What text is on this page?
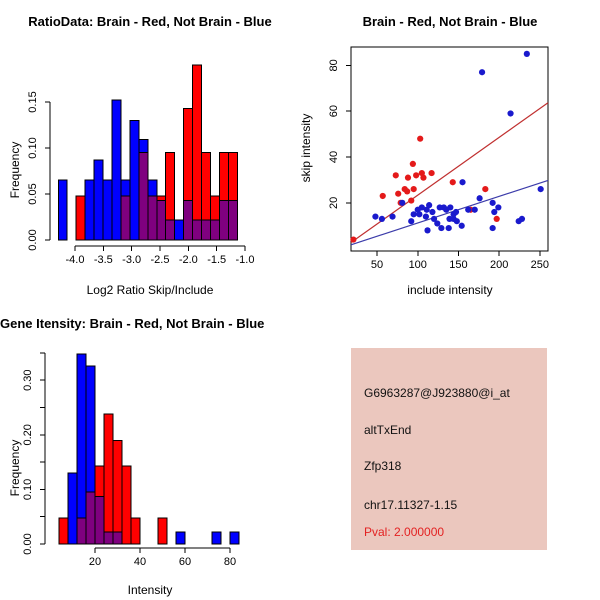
0.00
0.05
0.10
0.15
-4.0 -3.5 -3.0 -2.5 -2.0 -1.5 -1.0
RatioData: Brain - Red, Not Brain - Blue
Log2 Ratio Skip/Include
Frequency
50 100 150 200 250
20
40
60
80
Brain - Red, Not Brain - Blue
include intensity
skip intensity
0.00
0.10
0.20
0.30
20	40	60	80
Gene Itensity: Brain - Red, Not Brain - Blue
Intensity
Frequency
G6963287@J923880@i_at
altTxEnd
Zfp318
chr17.11327-1.15
Pval: 2.000000
